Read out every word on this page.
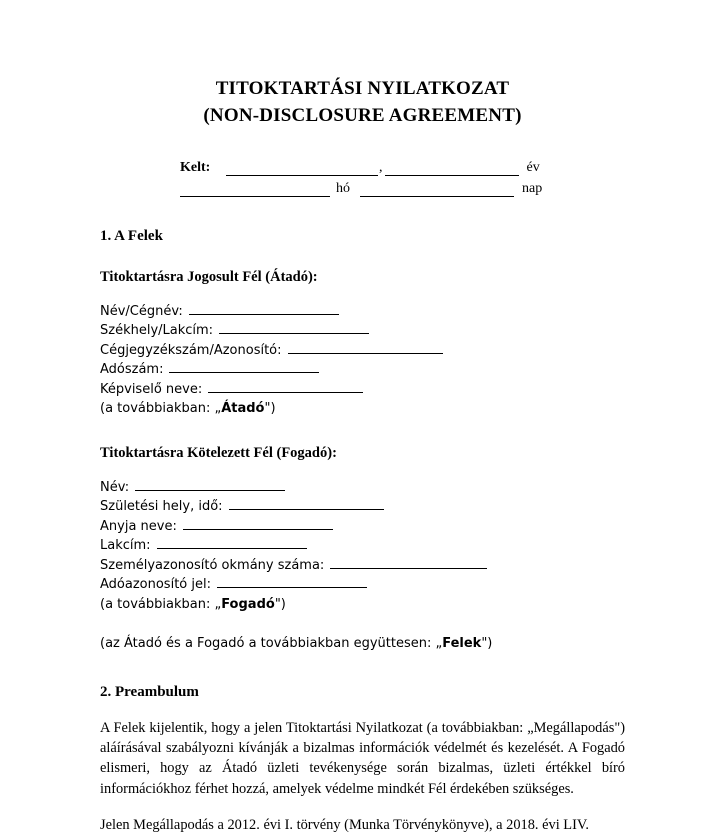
TITOKTARTÁSI NYILATKOZAT
(NON-DISCLOSURE AGREEMENT)
Kelt:	,	év
hó	nap
1. A Felek
Titoktartásra Jogosult Fél (Átadó):
Név/Cégnév:
Székhely/Lakcím:
Cégjegyzékszám/Azonosító:
Adószám:
Képviselő neve:
(a továbbiakban: „Átadó")
Titoktartásra Kötelezett Fél (Fogadó):
Név:
Születési hely, idő:
Anyja neve:
Lakcím:
Személyazonosító okmány száma:
Adóazonosító jel:
(a továbbiakban: „Fogadó")
(az Átadó és a Fogadó a továbbiakban együttesen: „Felek")
2. Preambulum

A Felek kijelentik, hogy a jelen Titoktartási Nyilatkozat (a továbbiakban: „Megállapodás") aláírásával szabályozni kívánják a bizalmas információk védelmét és kezelését. A Fogadó elismeri, hogy az Átadó üzleti tevékenysége során bizalmas, üzleti értékkel bíró információkhoz férhet hozzá, amelyek védelme mindkét Fél érdekében szükséges.

Jelen Megállapodás a 2012. évi I. törvény (Munka Törvénykönyve), a 2018. évi LIV.
